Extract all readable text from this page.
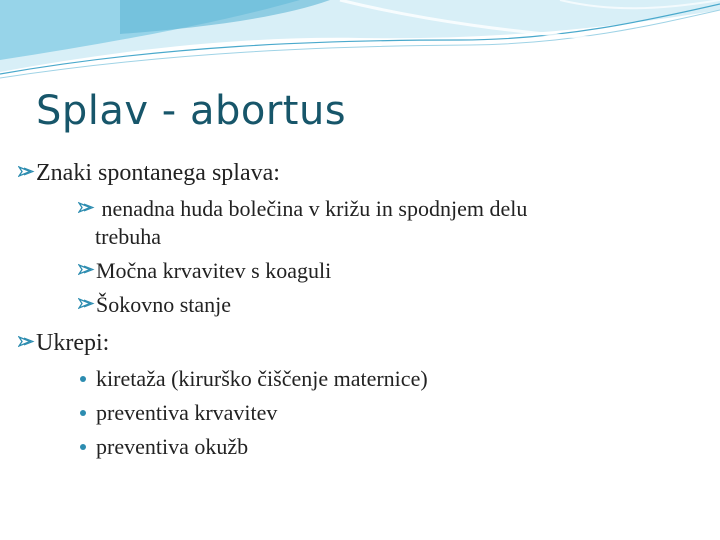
Splav - abortus
Znaki spontanega splava:
nenadna huda bolečina v križu in spodnjem delu
trebuha
Močna krvavitev s koaguli
Šokovno stanje
Ukrepi:
kiretaža (kirurško čiščenje maternice)
preventiva krvavitev
preventiva okužb
